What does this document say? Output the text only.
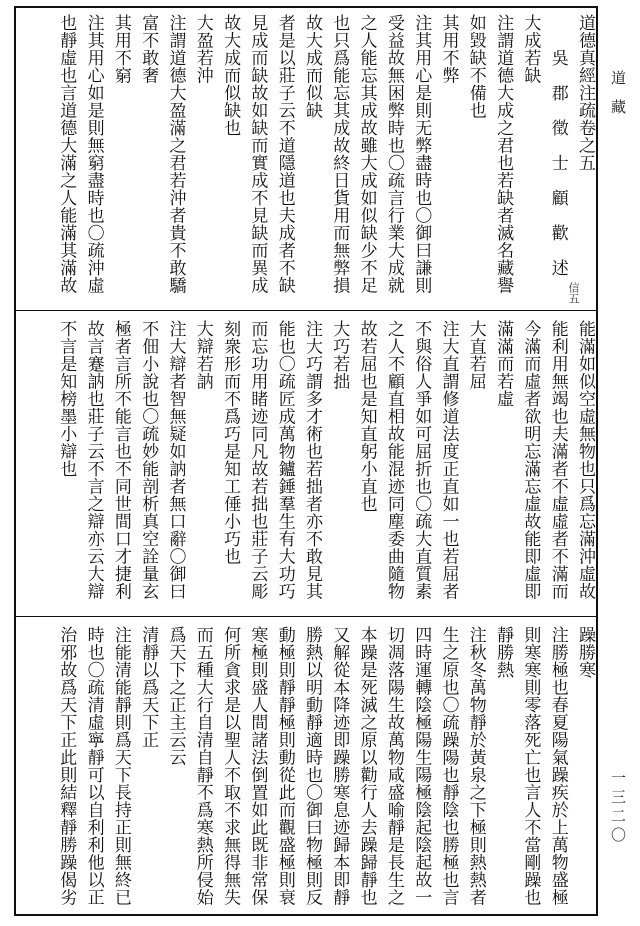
道藏
一三二〇
信五
道德真經注疏卷之五
　　吳　郡　徵　士　顧　歡　述
大成若缺
注謂道德大成之君也若缺者滅名藏譽
如毀缺不備也
其用不弊
注其用心是則无弊盡時也〇御曰謙則
受益故無困弊時也〇疏言行業大成就
之人能忘其成故雖大成如似缺少不足
也只爲能忘其成故終日貨用而無弊損
故大成而似缺
者是以莊子云不道隱道也夫成者不缺
見成而缺故如缺而實成不見缺而異成
故大成而似缺也
大盈若沖
注謂道德大盈滿之君若沖者貴不敢驕
富不敢奢
其用不窮
注其用心如是則無窮盡時也〇疏沖虛
也靜虛也言道德大滿之人能滿其滿故
能滿如似空虛無物也只爲忘滿沖虛故
能利用無竭也夫滿者不虛虛者不滿而
今滿而虛者欲明忘滿忘虛故能即虛即
滿滿而若虛
大直若屈
注大直謂修道法度正直如一也若屈者
不與俗人爭如可屈折也〇疏大直質素
之人不顧直相故能混迹同塵委曲隨物
故若屈也是知直躬小直也
大巧若拙
注大巧謂多才術也若拙者亦不敢見其
能也〇疏匠成萬物鑪錘羣生有大功巧
而忘功用睹迹同凡故若拙也莊子云彫
刻衆形而不爲巧是知工倕小巧也
大辯若訥
注大辯者智無疑如訥者無口辭〇御曰
不佃小說也〇疏妙能剖析真空詮量玄
極者言所不能言也不同世間口才捷利
故言蹇訥也莊子云不言之辯亦云大辯
不言是知榜墨小辯也
躁勝寒
注勝極也春夏陽氣躁疾於上萬物盛極
則寒寒則零落死亡也言人不當剛躁也
靜勝熱
注秋冬萬物靜於黃泉之下極則熱熱者
生之原也〇疏躁陽也靜陰也勝極也言
四時運轉陰極陽生陽極陰起陰起故一
切凋落陽生故萬物咸盛喻靜是長生之
本躁是死滅之原以勸行人去躁歸靜也
又解從本降迹即躁勝寒息迹歸本即靜
勝熱以明動靜適時也〇御曰物極則反
動極則靜靜極則動從此而觀盛極則衰
寒極則盛人間諸法倒置如此既非常保
何所貪求是以聖人不取不求無得無失
而五種大行自清自靜不爲寒熱所侵始
爲天下之正主云云
清靜以爲天下正
注能清能靜則爲天下長持正則無終已
時也〇疏清虛寧靜可以自利利他以正
治邪故爲天下正此則結釋靜勝躁偈劣
